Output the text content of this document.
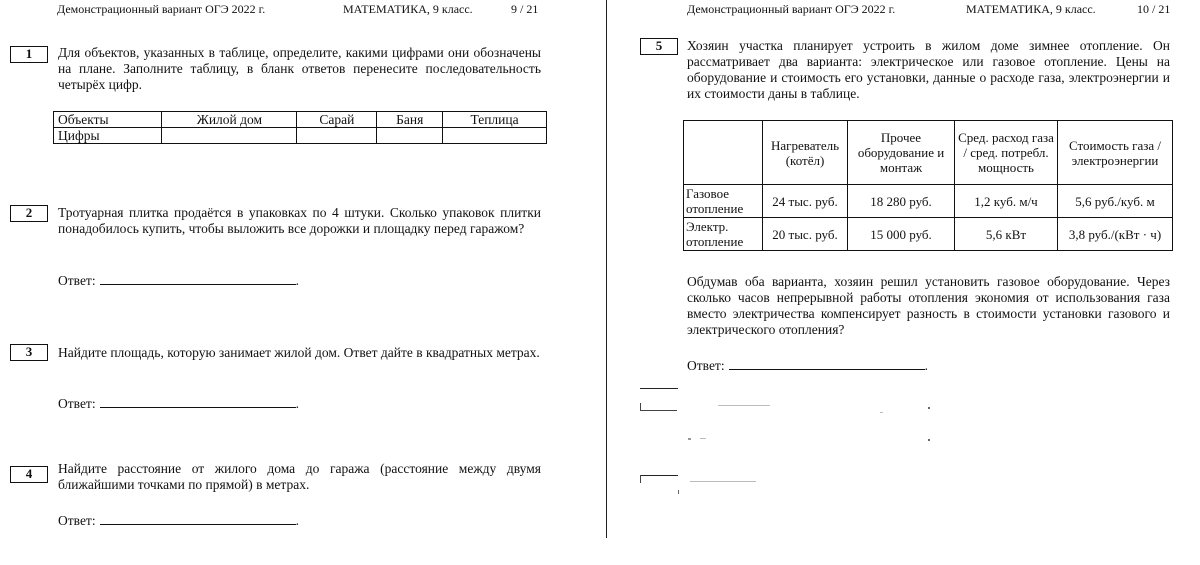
Демонстрационный вариант ОГЭ 2022 г.	МАТЕМАТИКА, 9 класс.	9 / 21
1	Для объектов, указанных в таблице, определите, какими цифрами они обозначены на плане. Заполните таблицу, в бланк ответов перенесите последовательность четырёх цифр.
Объекты	Жилой дом	Сарай	Баня	Теплица
Цифры				
2	Тротуарная плитка продаётся в упаковках по 4 штуки. Сколько упаковок плитки понадобилось купить, чтобы выложить все дорожки и площадку перед гаражом?
Ответ:	.
3	Найдите площадь, которую занимает жилой дом. Ответ дайте в квадратных метрах.
Ответ:	.
4	Найдите расстояние от жилого дома до гаража (расстояние между двумя ближайшими точками по прямой) в метрах.
Ответ:	.
Демонстрационный вариант ОГЭ 2022 г.	МАТЕМАТИКА, 9 класс.	10 / 21
5	Хозяин участка планирует устроить в жилом доме зимнее отопление. Он рассматривает два варианта: электрическое или газовое отопление. Цены на оборудование и стоимость его установки, данные о расходе газа, электроэнергии и их стоимости даны в таблице.
	Нагреватель (котёл)	Прочее оборудование и монтаж	Сред. расход газа / сред. потребл. мощность	Стоимость газа / электроэнергии
Газовое отопление	24 тыс. руб.	18 280 руб.	1,2 куб. м/ч	5,6 руб./куб. м
Электр. отопление	20 тыс. руб.	15 000 руб.	5,6 кВт	3,8 руб./(кВт · ч)
Обдумав оба варианта, хозяин решил установить газовое оборудование. Через сколько часов непрерывной работы отопления экономия от использования газа вместо электричества компенсирует разность в стоимости установки газового и электрического отопления?
Ответ:	.
